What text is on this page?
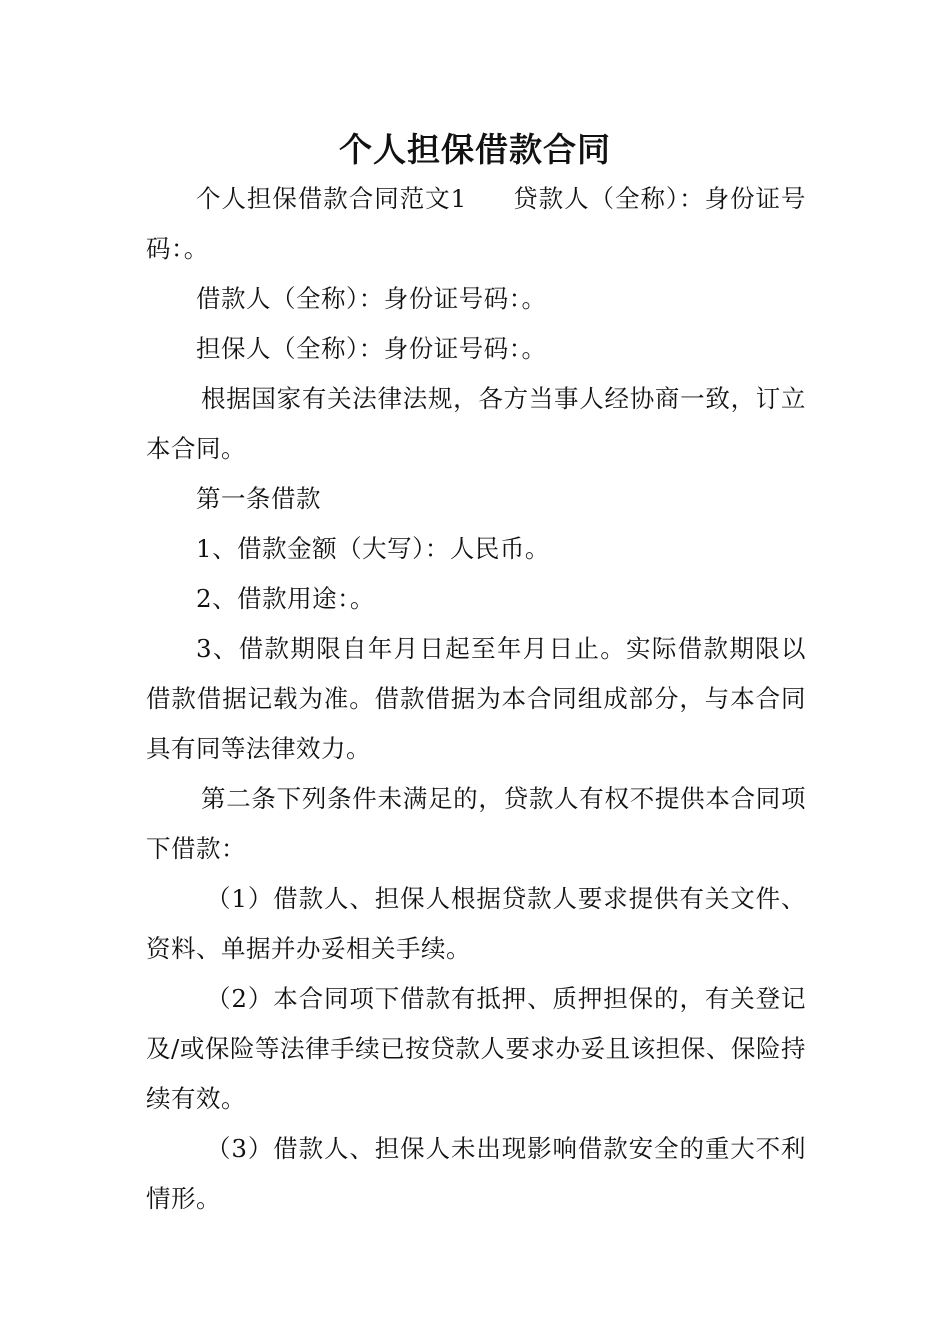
个人担保借款合同

个人担保借款合同范文1 贷款人（全称）：身份证号码：。

借款人（全称）：身份证号码：。

担保人（全称）：身份证号码：。

根据国家有关法律法规，各方当事人经协商一致，订立本合同。

第一条借款

1、借款金额（大写）：人民币。

2、借款用途：。

3、借款期限自年月日起至年月日止。实际借款期限以借款借据记载为准。借款借据为本合同组成部分，与本合同具有同等法律效力。

第二条下列条件未满足的，贷款人有权不提供本合同项下借款：

（1）借款人、担保人根据贷款人要求提供有关文件、资料、单据并办妥相关手续。

（2）本合同项下借款有抵押、质押担保的，有关登记及/或保险等法律手续已按贷款人要求办妥且该担保、保险持续有效。

（3）借款人、担保人未出现影响借款安全的重大不利情形。
